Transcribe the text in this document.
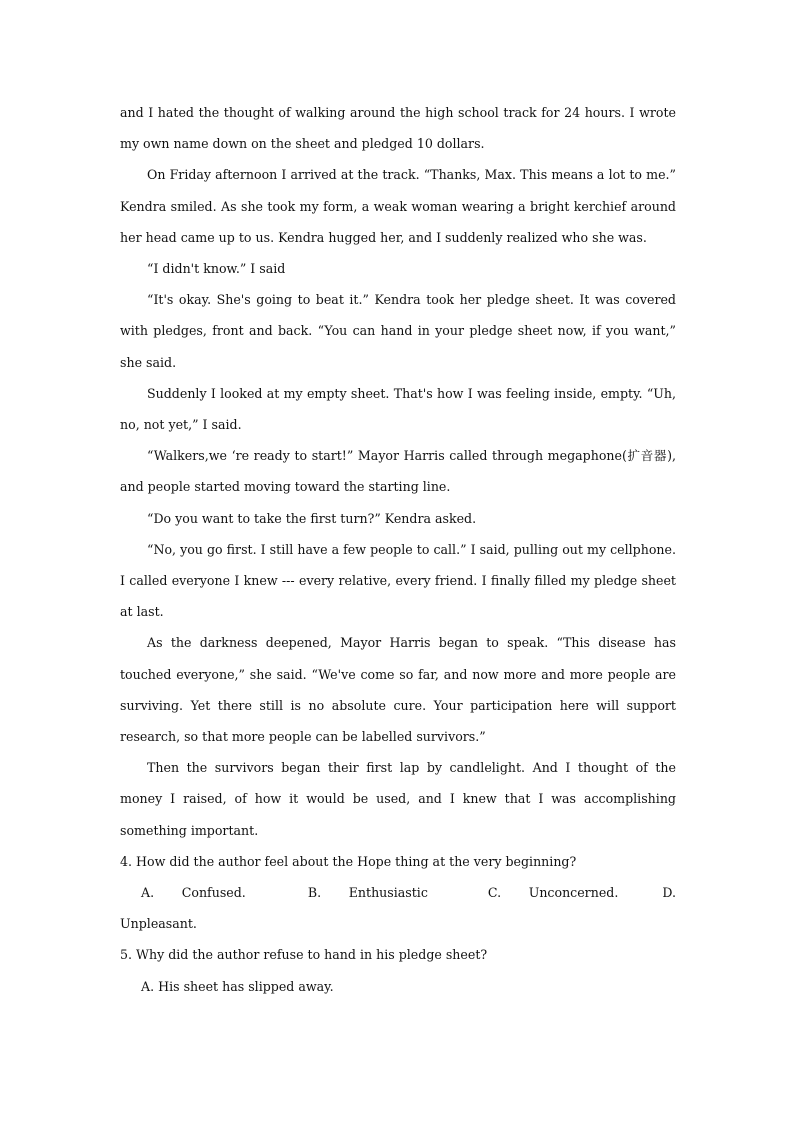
and I hated the thought of walking around the high school track for 24 hours. I wrote my own name down on the sheet and pledged 10 dollars.

On Friday afternoon I arrived at the track. “Thanks, Max. This means a lot to me.” Kendra smiled. As she took my form, a weak woman wearing a bright kerchief around her head came up to us. Kendra hugged her, and I suddenly realized who she was.

“I didn't know.” I said

“It's okay. She's going to beat it.” Kendra took her pledge sheet. It was covered with pledges, front and back. “You can hand in your pledge sheet now, if you want,” she said.

Suddenly I looked at my empty sheet. That's how I was feeling inside, empty. “Uh, no, not yet,” I said.

“Walkers,we ‘re ready to start!” Mayor Harris called through megaphone(扩音器), and people started moving toward the starting line.

“Do you want to take the first turn?” Kendra asked.

“No, you go first. I still have a few people to call.” I said, pulling out my cellphone. I called everyone I knew --- every relative, every friend. I finally filled my pledge sheet at last.

As the darkness deepened, Mayor Harris began to speak. “This disease has touched everyone,” she said. “We've come so far, and now more and more people are surviving. Yet there still is no absolute cure. Your participation here will support research, so that more people can be labelled survivors.”

Then the survivors began their first lap by candlelight. And I thought of the money I raised, of how it would be used, and I knew that I was accomplishing something important.

4. How did the author feel about the Hope thing at the very beginning?

A. Confused.	B. Enthusiastic	C. Unconcerned.	D. Unpleasant.

5. Why did the author refuse to hand in his pledge sheet?

A. His sheet has slipped away.
